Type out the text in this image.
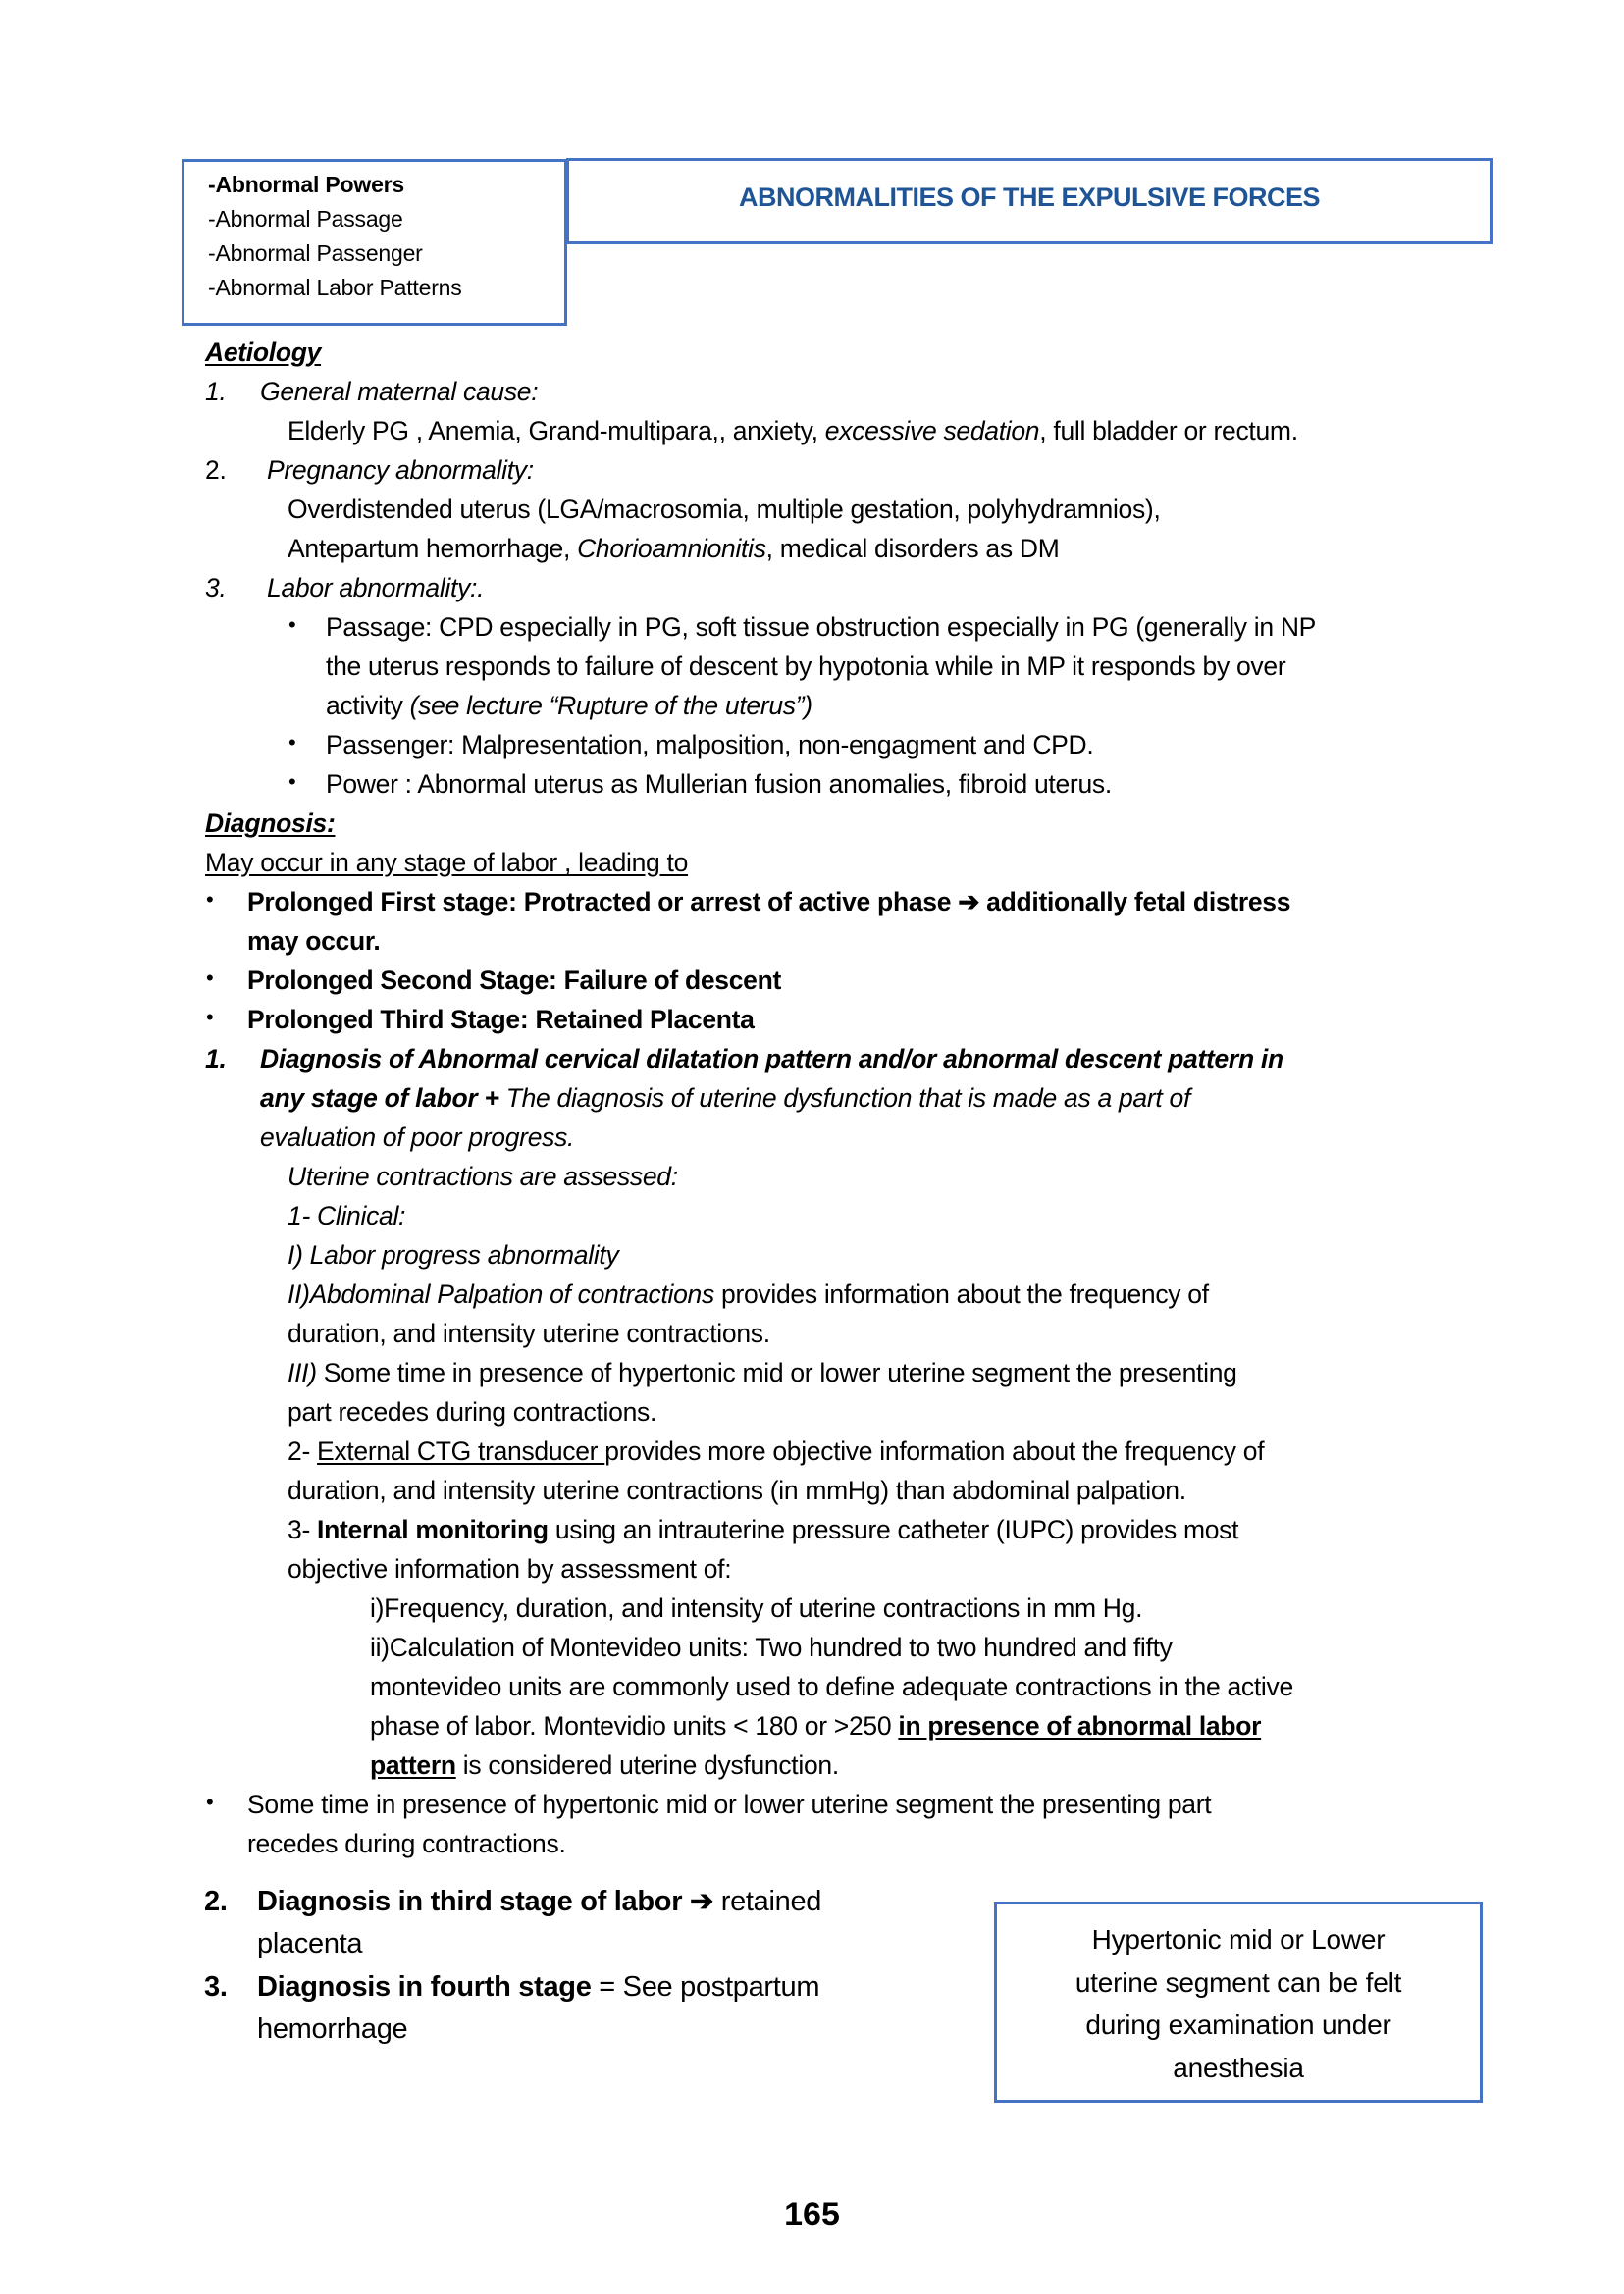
-Abnormal Powers
-Abnormal Passage
-Abnormal Passenger
-Abnormal Labor Patterns
ABNORMALITIES OF THE EXPULSIVE FORCES
Aetiology
1. General maternal cause:
Elderly PG , Anemia, Grand-multipara,, anxiety, excessive sedation, full bladder or rectum.
2. Pregnancy abnormality:
Overdistended uterus (LGA/macrosomia, multiple gestation, polyhydramnios),
Antepartum hemorrhage, Chorioamnionitis, medical disorders as DM
3. Labor abnormality:.
• Passage: CPD especially in PG, soft tissue obstruction especially in PG (generally in NP
the uterus responds to failure of descent by hypotonia while in MP it responds by over
activity (see lecture “Rupture of the uterus”)
• Passenger: Malpresentation, malposition, non-engagment and CPD.
• Power : Abnormal uterus as Mullerian fusion anomalies, fibroid uterus.
Diagnosis:
May occur in any stage of labor , leading to
• Prolonged First stage: Protracted or arrest of active phase ➔ additionally fetal distress
may occur.
• Prolonged Second Stage: Failure of descent
• Prolonged Third Stage: Retained Placenta
1. Diagnosis of Abnormal cervical dilatation pattern and/or abnormal descent pattern in
any stage of labor + The diagnosis of uterine dysfunction that is made as a part of
evaluation of poor progress.
Uterine contractions are assessed:
1- Clinical:
I) Labor progress abnormality
II)Abdominal Palpation of contractions provides information about the frequency of
duration, and intensity uterine contractions.
III) Some time in presence of hypertonic mid or lower uterine segment the presenting
part recedes during contractions.
2- External CTG transducer provides more objective information about the frequency of
duration, and intensity uterine contractions (in mmHg) than abdominal palpation.
3- Internal monitoring using an intrauterine pressure catheter (IUPC) provides most
objective information by assessment of:
i)Frequency, duration, and intensity of uterine contractions in mm Hg.
ii)Calculation of Montevideo units: Two hundred to two hundred and fifty
montevideo units are commonly used to define adequate contractions in the active
phase of labor. Montevidio units < 180 or >250 in presence of abnormal labor
pattern is considered uterine dysfunction.
• Some time in presence of hypertonic mid or lower uterine segment the presenting part
recedes during contractions.
2. Diagnosis in third stage of labor ➔ retained
placenta
3. Diagnosis in fourth stage = See postpartum
hemorrhage
Hypertonic mid or Lower
uterine segment can be felt
during examination under
anesthesia
165
